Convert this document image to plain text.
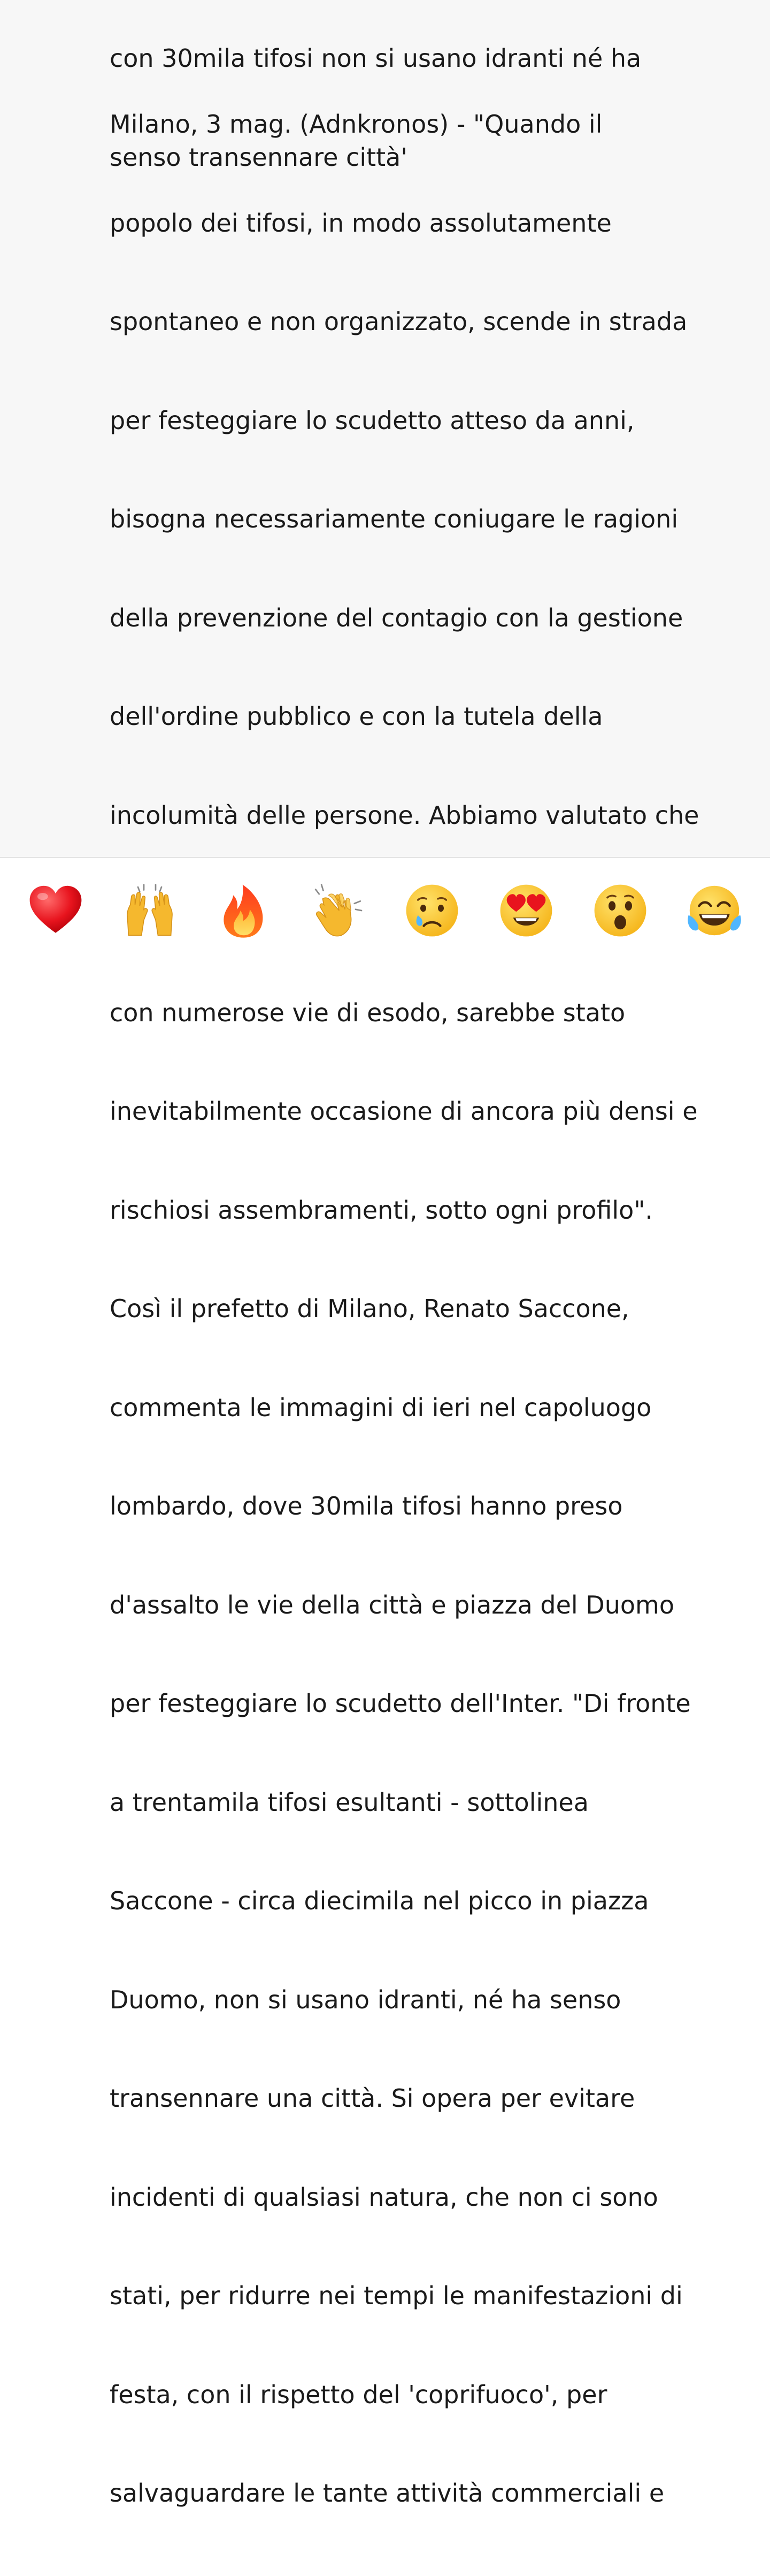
con 30mila tifosi non si usano idranti né ha

senso transennare città'

Milano, 3 mag. (Adnkronos) - "Quando il

popolo dei tifosi, in modo assolutamente

spontaneo e non organizzato, scende in strada

per festeggiare lo scudetto atteso da anni,

bisogna necessariamente coniugare le ragioni

della prevenzione del contagio con la gestione

dell'ordine pubblico e con la tutela della

incolumità delle persone. Abbiamo valutato che

con numerose vie di esodo, sarebbe stato

inevitabilmente occasione di ancora più densi e

rischiosi assembramenti, sotto ogni profilo".

Così il prefetto di Milano, Renato Saccone,

commenta le immagini di ieri nel capoluogo

lombardo, dove 30mila tifosi hanno preso

d'assalto le vie della città e piazza del Duomo

per festeggiare lo scudetto dell'Inter. "Di fronte

a trentamila tifosi esultanti - sottolinea

Saccone - circa diecimila nel picco in piazza

Duomo, non si usano idranti, né ha senso

transennare una città. Si opera per evitare

incidenti di qualsiasi natura, che non ci sono

stati, per ridurre nei tempi le manifestazioni di

festa, con il rispetto del 'coprifuoco', per

salvaguardare le tante attività commerciali e
